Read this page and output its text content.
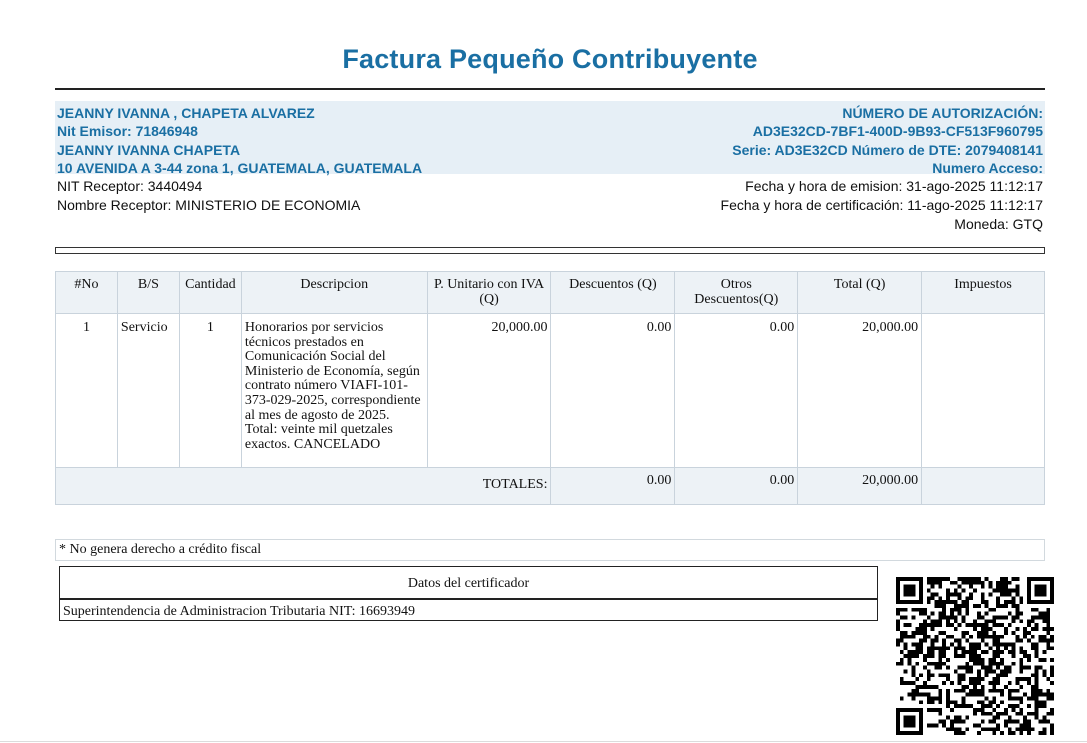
Factura Pequeño Contribuyente
JEANNY IVANNA , CHAPETA ALVAREZ
Nit Emisor: 71846948
JEANNY IVANNA CHAPETA
10 AVENIDA A 3-44 zona 1, GUATEMALA, GUATEMALA
NÚMERO DE AUTORIZACIÓN:
AD3E32CD-7BF1-400D-9B93-CF513F960795
Serie: AD3E32CD Número de DTE: 2079408141
Numero Acceso:
NIT Receptor: 3440494
Nombre Receptor: MINISTERIO DE ECONOMIA
Fecha y hora de emision: 31-ago-2025 11:12:17
Fecha y hora de certificación: 11-ago-2025 11:12:17
Moneda: GTQ
#No	B/S	Cantidad	Descripcion	P. Unitario con IVA (Q)	Descuentos (Q)	Otros Descuentos(Q)	Total (Q)	Impuestos
1	Servicio	1	Honorarios por servicios técnicos prestados en Comunicación Social del Ministerio de Economía, según contrato número VIAFI-101-373-029-2025, correspondiente al mes de agosto de 2025. Total: veinte mil quetzales exactos. CANCELADO	20,000.00	0.00	0.00	20,000.00	
TOTALES:					0.00	0.00	20,000.00	
* No genera derecho a crédito fiscal
Datos del certificador
Superintendencia de Administracion Tributaria NIT: 16693949
